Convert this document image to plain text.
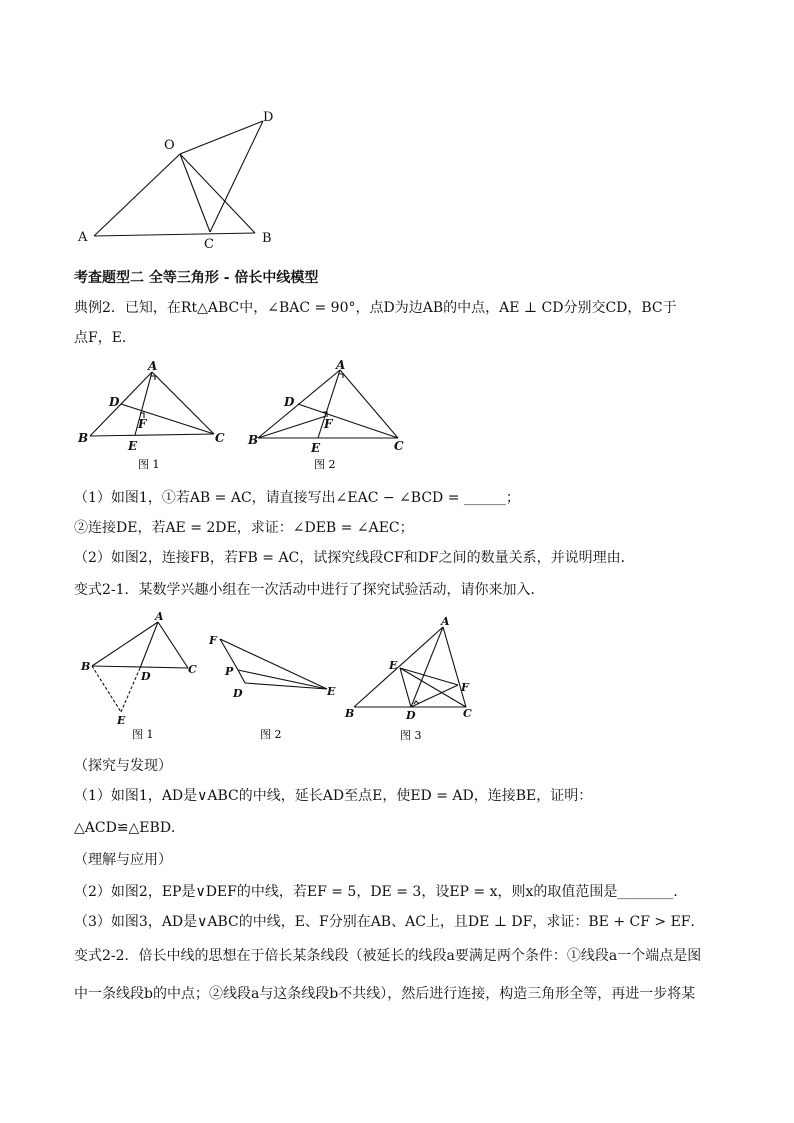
O
D
A	C	B
考查题型二 全等三角形 - 倍长中线模型
典例2．已知，在Rt△ABC中，∠BAC = 90°，点D为边AB的中点，AE ⊥ CD分别交CD，BC于
点F，E．
A
D
F
B
E
C
图 1
A
D
F
B
E	C
图 2
（1）如图1，①若AB = AC，请直接写出∠EAC − ∠BCD = ______；
②连接DE，若AE = 2DE，求证：∠DEB = ∠AEC；
（2）如图2，连接FB，若FB = AC，试探究线段CF和DF之间的数量关系，并说明理由．
变式2-1．某数学兴趣小组在一次活动中进行了探究试验活动，请你来加入．
A
B
D
C
E
图 1
F
P
D	E
图 2
A
E
F
B	D	C
图 3
（探究与发现）
（1）如图1，AD是∨ABC的中线，延长AD至点E，使ED = AD，连接BE，证明：
△ACD≌△EBD．
（理解与应用）
（2）如图2，EP是∨DEF的中线，若EF = 5，DE = 3，设EP = x，则x的取值范围是________．
（3）如图3，AD是∨ABC的中线，E、F分别在AB、AC上，且DE ⊥ DF，求证：BE + CF > EF．
变式2-2．倍长中线的思想在于倍长某条线段（被延长的线段a要满足两个条件：①线段a一个端点是图
中一条线段b的中点；②线段a与这条线段b不共线），然后进行连接，构造三角形全等，再进一步将某
